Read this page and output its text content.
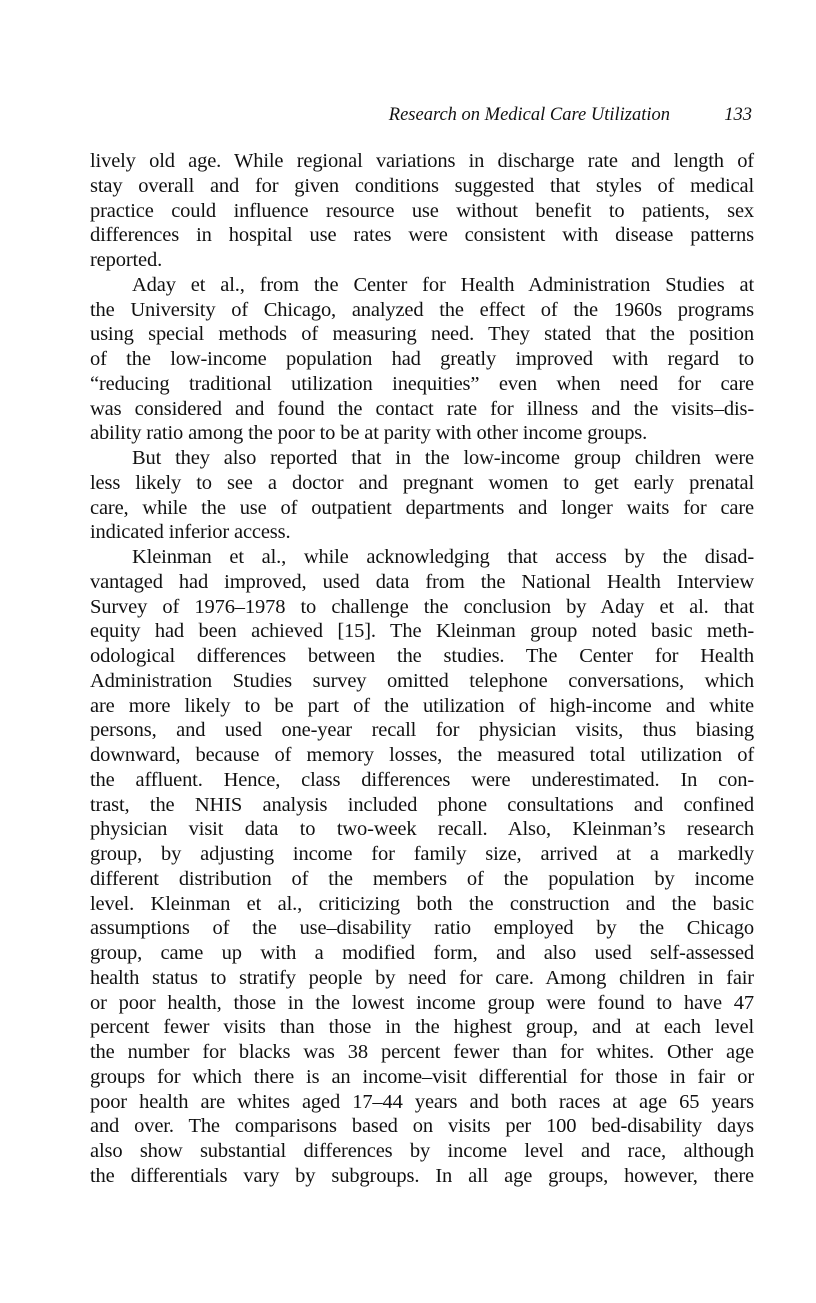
Research on Medical Care Utilization	133
lively old age. While regional variations in discharge rate and length of
stay overall and for given conditions suggested that styles of medical
practice could influence resource use without benefit to patients, sex
differences in hospital use rates were consistent with disease patterns
reported.
Aday et al., from the Center for Health Administration Studies at
the University of Chicago, analyzed the effect of the 1960s programs
using special methods of measuring need. They stated that the position
of the low-income population had greatly improved with regard to
“reducing traditional utilization inequities” even when need for care
was considered and found the contact rate for illness and the visits–dis-
ability ratio among the poor to be at parity with other income groups.
But they also reported that in the low-income group children were
less likely to see a doctor and pregnant women to get early prenatal
care, while the use of outpatient departments and longer waits for care
indicated inferior access.
Kleinman et al., while acknowledging that access by the disad-
vantaged had improved, used data from the National Health Interview
Survey of 1976–1978 to challenge the conclusion by Aday et al. that
equity had been achieved [15]. The Kleinman group noted basic meth-
odological differences between the studies. The Center for Health
Administration Studies survey omitted telephone conversations, which
are more likely to be part of the utilization of high-income and white
persons, and used one-year recall for physician visits, thus biasing
downward, because of memory losses, the measured total utilization of
the affluent. Hence, class differences were underestimated. In con-
trast, the NHIS analysis included phone consultations and confined
physician visit data to two-week recall. Also, Kleinman’s research
group, by adjusting income for family size, arrived at a markedly
different distribution of the members of the population by income
level. Kleinman et al., criticizing both the construction and the basic
assumptions of the use–disability ratio employed by the Chicago
group, came up with a modified form, and also used self-assessed
health status to stratify people by need for care. Among children in fair
or poor health, those in the lowest income group were found to have 47
percent fewer visits than those in the highest group, and at each level
the number for blacks was 38 percent fewer than for whites. Other age
groups for which there is an income–visit differential for those in fair or
poor health are whites aged 17–44 years and both races at age 65 years
and over. The comparisons based on visits per 100 bed-disability days
also show substantial differences by income level and race, although
the differentials vary by subgroups. In all age groups, however, there
